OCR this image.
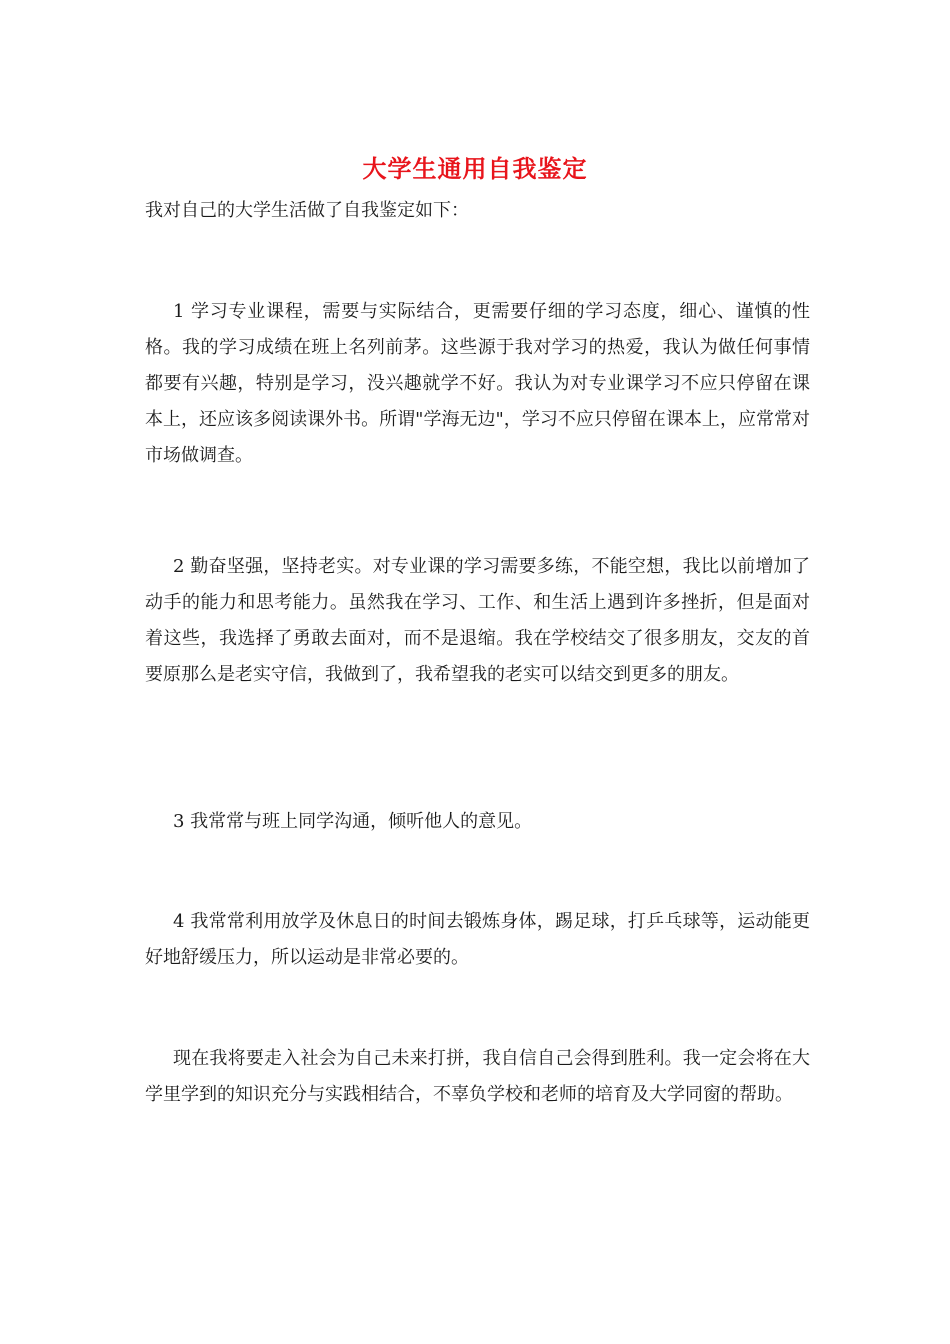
大学生通用自我鉴定
我对自己的大学生活做了自我鉴定如下：
1 学习专业课程，需要与实际结合，更需要仔细的学习态度，细心、谨慎的性格。我的学习成绩在班上名列前茅。这些源于我对学习的热爱，我认为做任何事情都要有兴趣，特别是学习，没兴趣就学不好。我认为对专业课学习不应只停留在课本上，还应该多阅读课外书。所谓"学海无边"，学习不应只停留在课本上，应常常对市场做调查。
2 勤奋坚强，坚持老实。对专业课的学习需要多练，不能空想，我比以前增加了动手的能力和思考能力。虽然我在学习、工作、和生活上遇到许多挫折，但是面对着这些，我选择了勇敢去面对，而不是退缩。我在学校结交了很多朋友，交友的首要原那么是老实守信，我做到了，我希望我的老实可以结交到更多的朋友。
3 我常常与班上同学沟通，倾听他人的意见。
4 我常常利用放学及休息日的时间去锻炼身体，踢足球，打乒乓球等，运动能更好地舒缓压力，所以运动是非常必要的。
现在我将要走入社会为自己未来打拼，我自信自己会得到胜利。我一定会将在大学里学到的知识充分与实践相结合，不辜负学校和老师的培育及大学同窗的帮助。
